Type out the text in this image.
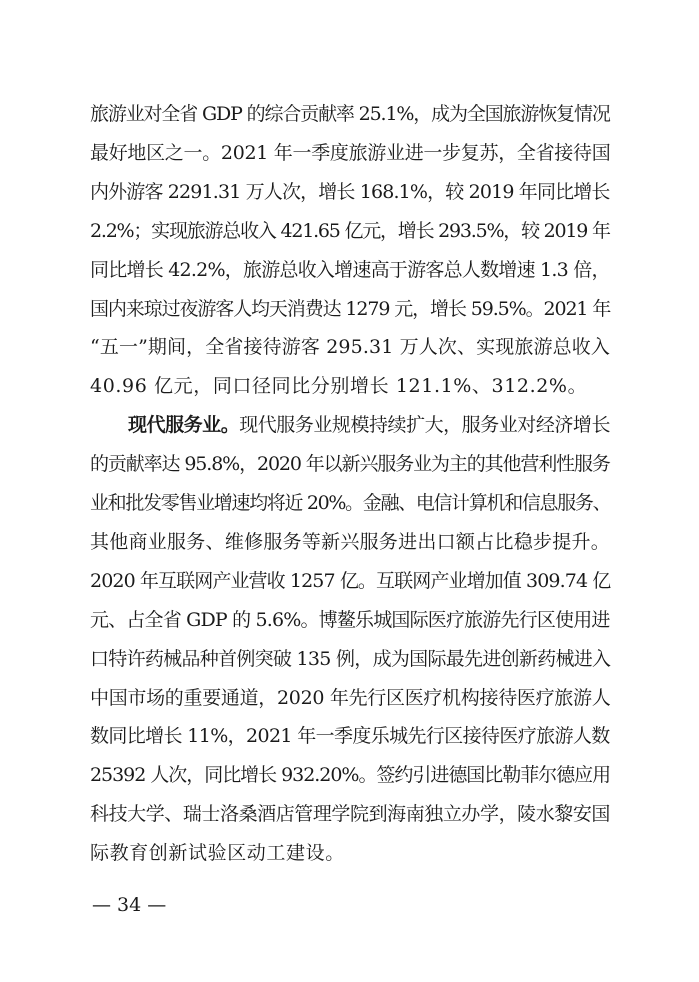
旅游业对全省 GDP 的综合贡献率 25.1%，成为全国旅游恢复情况
最好地区之一。2021 年一季度旅游业进一步复苏，全省接待国
内外游客 2291.31 万人次，增长 168.1%，较 2019 年同比增长
2.2%；实现旅游总收入 421.65 亿元，增长 293.5%，较 2019 年
同比增长 42.2%，旅游总收入增速高于游客总人数增速 1.3 倍，
国内来琼过夜游客人均天消费达 1279 元，增长 59.5%。2021 年
“五一”期间，全省接待游客 295.31 万人次、实现旅游总收入
40.96 亿元，同口径同比分别增长 121.1%、312.2%。
现代服务业。 现代服务业规模持续扩大，服务业对经济增长
的贡献率达 95.8%，2020 年以新兴服务业为主的其他营利性服务
业和批发零售业增速均将近 20%。金融、电信计算机和信息服务、
其他商业服务、维修服务等新兴服务进出口额占比稳步提升。
2020 年互联网产业营收 1257 亿。互联网产业增加值 309.74 亿
元、占全省 GDP 的 5.6%。博鳌乐城国际医疗旅游先行区使用进
口特许药械品种首例突破 135 例，成为国际最先进创新药械进入
中国市场的重要通道，2020 年先行区医疗机构接待医疗旅游人
数同比增长 11%，2021 年一季度乐城先行区接待医疗旅游人数
25392 人次，同比增长 932.20%。签约引进德国比勒菲尔德应用
科技大学、瑞士洛桑酒店管理学院到海南独立办学，陵水黎安国
际教育创新试验区动工建设。
— 34 —
